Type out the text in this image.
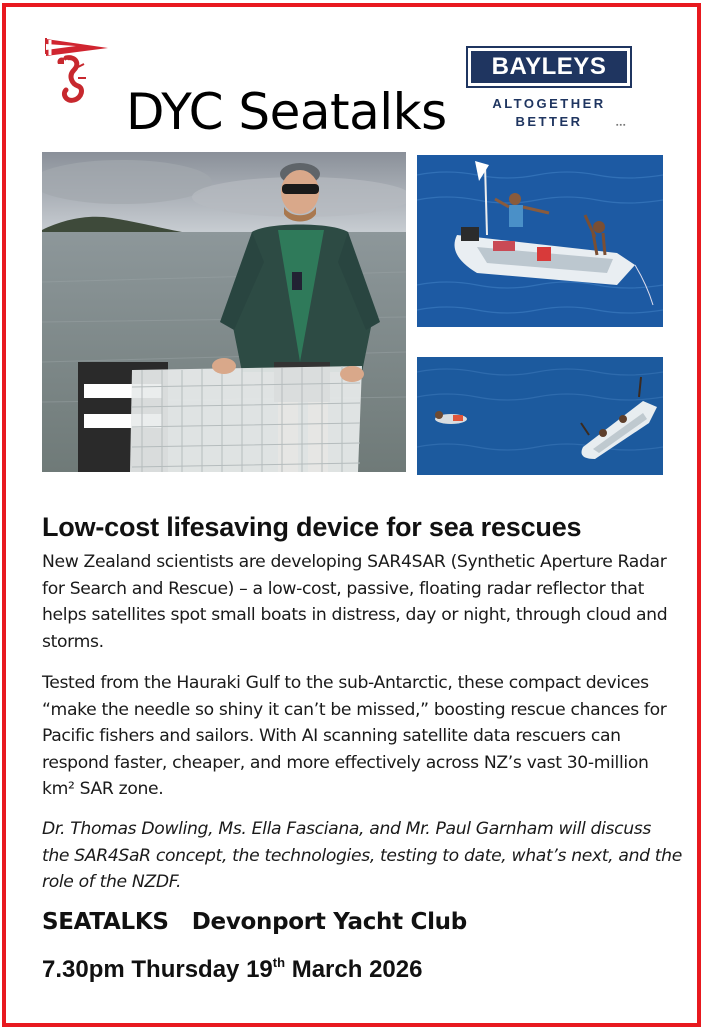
DYC Seatalks
BAYLEYS
ALTOGETHER
BETTER	▪▪▪
Low-cost lifesaving device for sea rescues

New Zealand scientists are developing SAR4SAR (Synthetic Aperture Radar for Search and Rescue) – a low-cost, passive, floating radar reflector that helps satellites spot small boats in distress, day or night, through cloud and storms.

Tested from the Hauraki Gulf to the sub-Antarctic, these compact devices “make the needle so shiny it can’t be missed,” boosting rescue chances for Pacific fishers and sailors. With AI scanning satellite data rescuers can respond faster, cheaper, and more effectively across NZ’s vast 30-million km² SAR zone.

Dr. Thomas Dowling, Ms. Ella Fasciana, and Mr. Paul Garnham will discuss the SAR4SaR concept, the technologies, testing to date, what’s next, and the role of the NZDF.

SEATALKS Devonport Yacht Club
7.30pm Thursday 19th March 2026
